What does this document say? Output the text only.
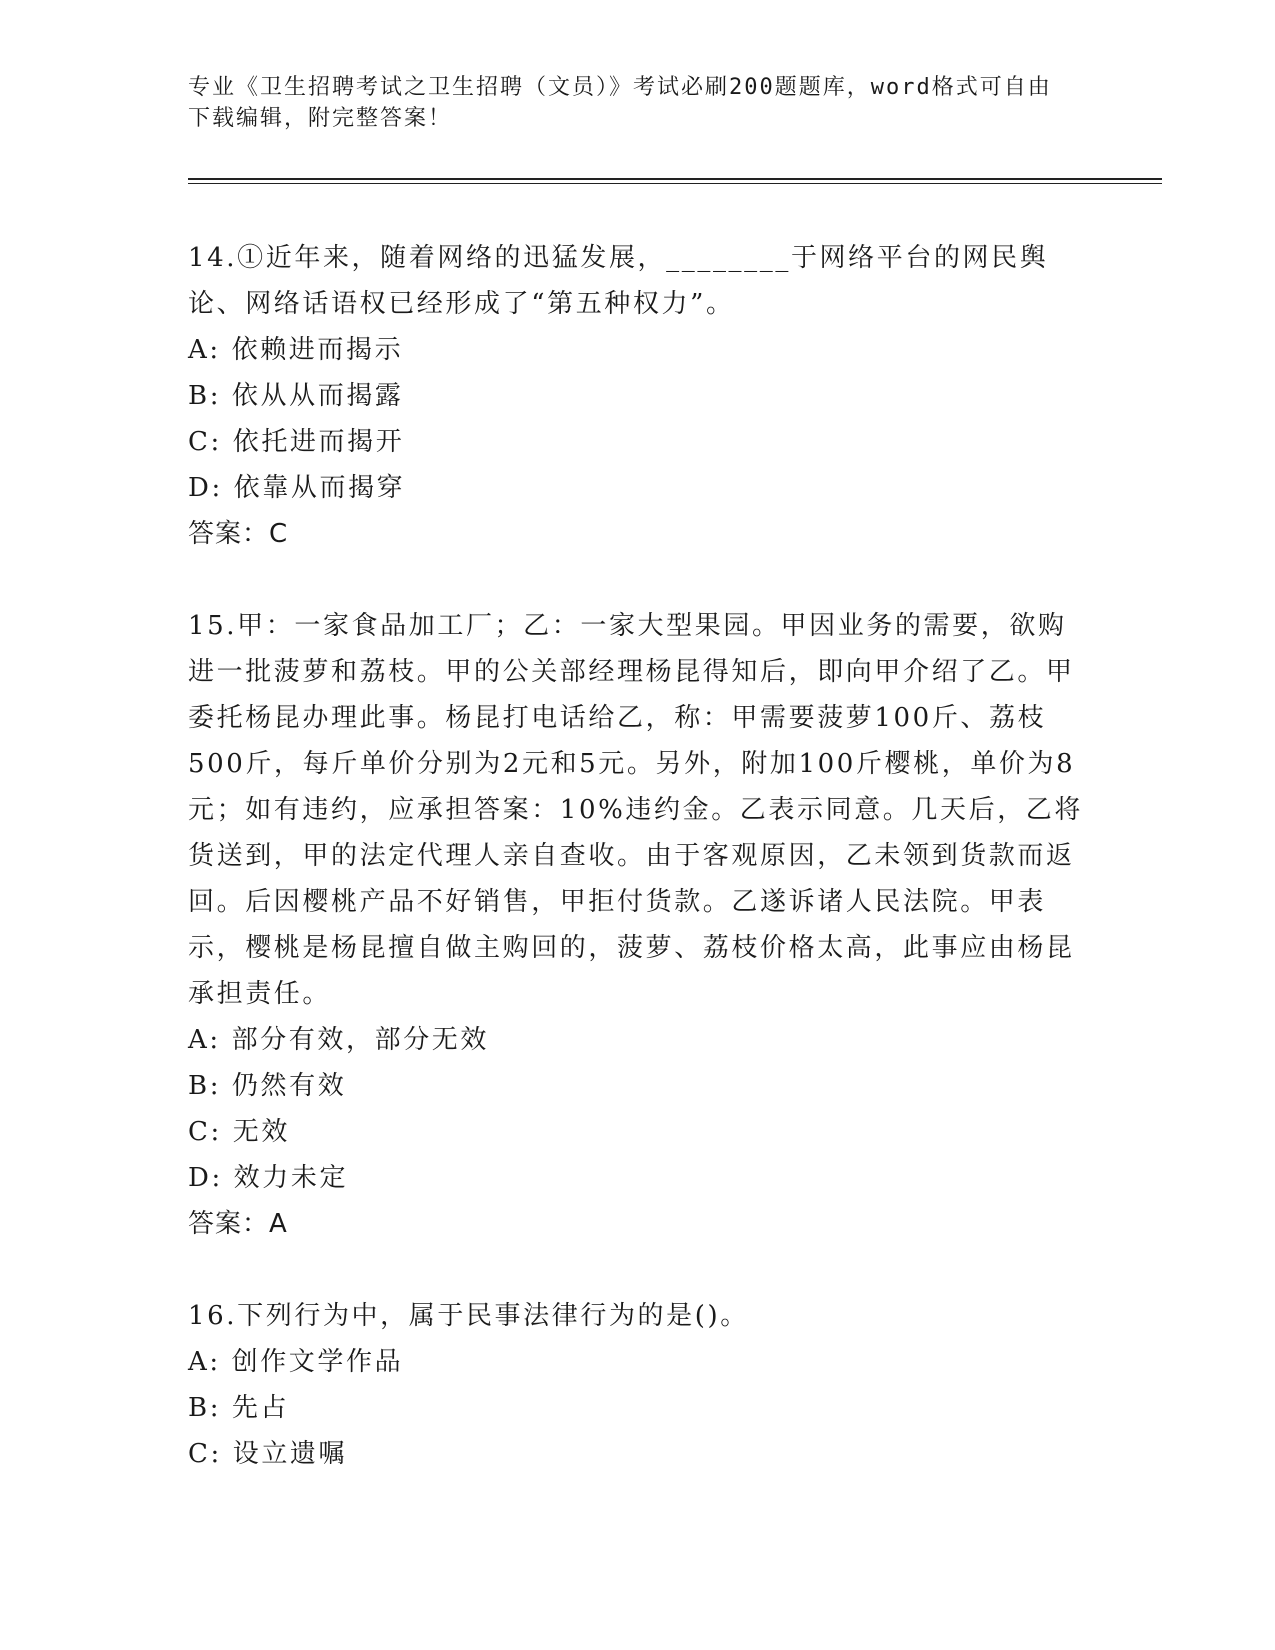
专业《卫生招聘考试之卫生招聘（文员）》考试必刷200题题库，word格式可自由下载编辑，附完整答案！

14.①近年来，随着网络的迅猛发展，________于网络平台的网民舆论、网络话语权已经形成了“第五种权力”。

A: 依赖进而揭示

B: 依从从而揭露

C: 依托进而揭开

D: 依靠从而揭穿

答案：C

15.甲：一家食品加工厂；乙：一家大型果园。甲因业务的需要，欲购进一批菠萝和荔枝。甲的公关部经理杨昆得知后，即向甲介绍了乙。甲委托杨昆办理此事。杨昆打电话给乙，称：甲需要菠萝100斤、荔枝500斤，每斤单价分别为2元和5元。另外，附加100斤樱桃，单价为8元；如有违约，应承担答案：10%违约金。乙表示同意。几天后，乙将货送到，甲的法定代理人亲自查收。由于客观原因，乙未领到货款而返回。后因樱桃产品不好销售，甲拒付货款。乙遂诉诸人民法院。甲表示，樱桃是杨昆擅自做主购回的，菠萝、荔枝价格太高，此事应由杨昆承担责任。

A: 部分有效，部分无效

B: 仍然有效

C: 无效

D: 效力未定

答案：A

16.下列行为中，属于民事法律行为的是()。

A: 创作文学作品

B: 先占

C: 设立遗嘱
